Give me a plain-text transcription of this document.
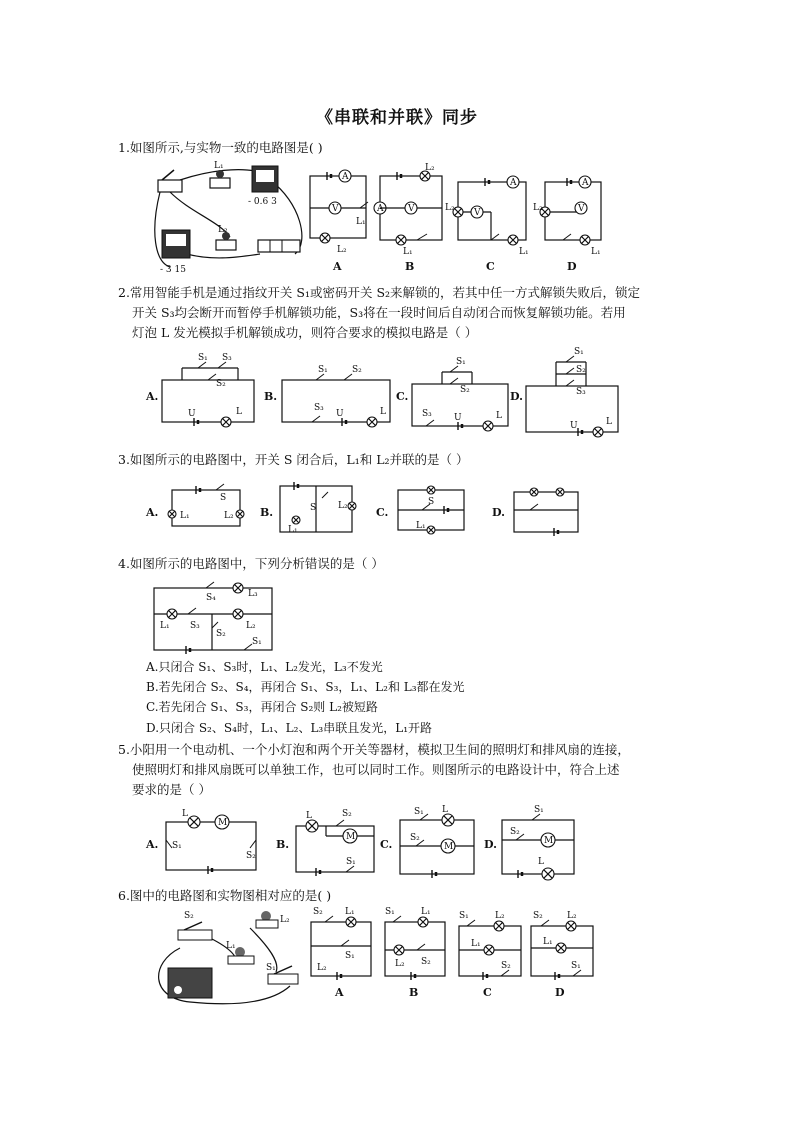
《串联和并联》同步
1.如图所示,与实物一致的电路图是( )
L₁
- 0.6 3
- 3 15
L₂
A
V
L₂
L₁
A
L₂
A	V
L₁
B
A
V
L₂
L₁
C
A
V
L₂
L₁
D
2.常用智能手机是通过指纹开关 S₁或密码开关 S₂来解锁的，若其中任一方式解锁失败后，锁定
开关 S₃均会断开而暂停手机解锁功能，S₃将在一段时间后自动闭合而恢复解锁功能。若用
灯泡 L 发光模拟手机解锁成功，则符合要求的模拟电路是（ ）
A.
S₁ S₃
S₂
U	L
B.
S₁	S₂
S₃
U	L
C.
S₁
S₂
S₃ U	L
D.
S₁
S₂
S₃
U	L
3.如图所示的电路图中，开关 S 闭合后，L₁和 L₂并联的是（ ）
A.
S
L₁	L₂ B.	S
L₁
L₂	C.
S
L₁
D.
4.如图所示的电路图中，下列分析错误的是（ ）
S₄	L₃
L₁ S₃
S₂
L₂
S₁
A.只闭合 S₁、S₃时，L₁、L₂发光，L₃不发光
B.若先闭合 S₂、S₄，再闭合 S₁、S₃，L₁、L₂和 L₃都在发光
C.若先闭合 S₁、S₃，再闭合 S₂则 L₂被短路
D.只闭合 S₂、S₄时，L₁、L₂、L₃串联且发光，L₁开路
5.小阳用一个电动机、一个小灯泡和两个开关等器材，模拟卫生间的照明灯和排风扇的连接，
使照明灯和排风扇既可以单独工作，也可以同时工作。则图所示的电路设计中，符合上述
要求的是（ ）
A.
L
M
S₁
S₂
B.
L	S₂
M
S₁
C.
S₁ L
S₂
M	D.
S₁
S₂
M
L
6.图中的电路图和实物图相对应的是( )
S₂	L₂
L₁
S₁
S₂ L₁
S₁
L₂
A
S₁	L₁
L₂ S₂
B
S₁	L₂
L₁
S₂
C
S₂	L₂
L₁
S₁
D
